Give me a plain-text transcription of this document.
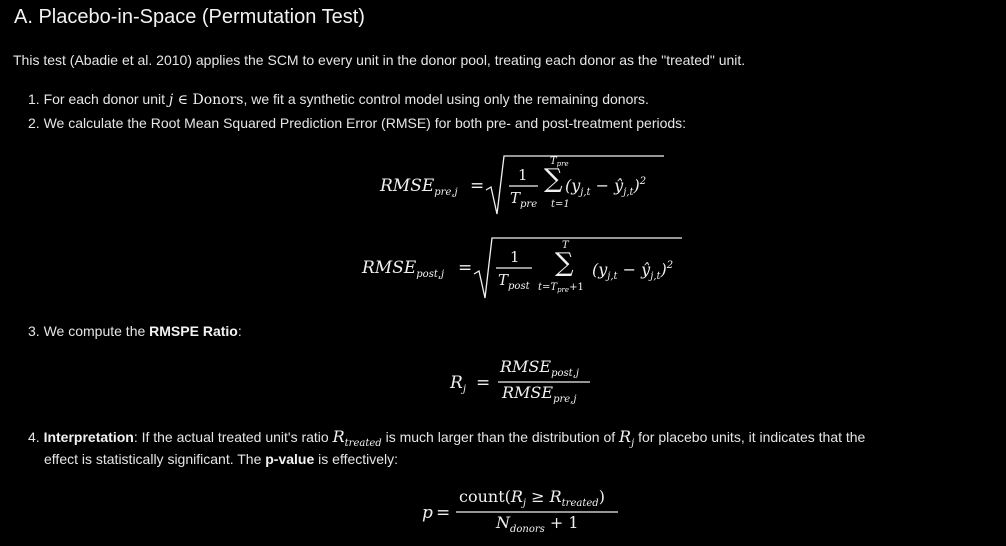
A. Placebo-in-Space (Permutation Test)
This test (Abadie et al. 2010) applies the SCM to every unit in the donor pool, treating each donor as the "treated" unit.
1. For each donor unit j ∈ Donors, we fit a synthetic control model using only the remaining donors.
2. We calculate the Root Mean Squared Prediction Error (RMSE) for both pre- and post-treatment periods:
$RMSE_{pre,j}$ =
1
$T_{pre}$
$T_{pre}$
∑
t=1
($y_{j,t}$ − $ŷ_{j,t})^2$
$RMSE_{post,j}$ =
1
$T_{post}$
T
∑
$t=T_{pre}+1$
($y_{j,t}$ − $ŷ_{j,t})^2$
3. We compute the RMSPE Ratio:
$R_j$ =
$RMSE_{post,j}$
$RMSE_{pre,j}$
4. Interpretation: If the actual treated unit's ratio $R_{treated}$ is much larger than the distribution of $R_j$ for placebo units, it indicates that the
effect is statistically significant. The p-value is effectively:
p =
$count(R_j \ge R_{treated})$
$N_{donors} + 1$
